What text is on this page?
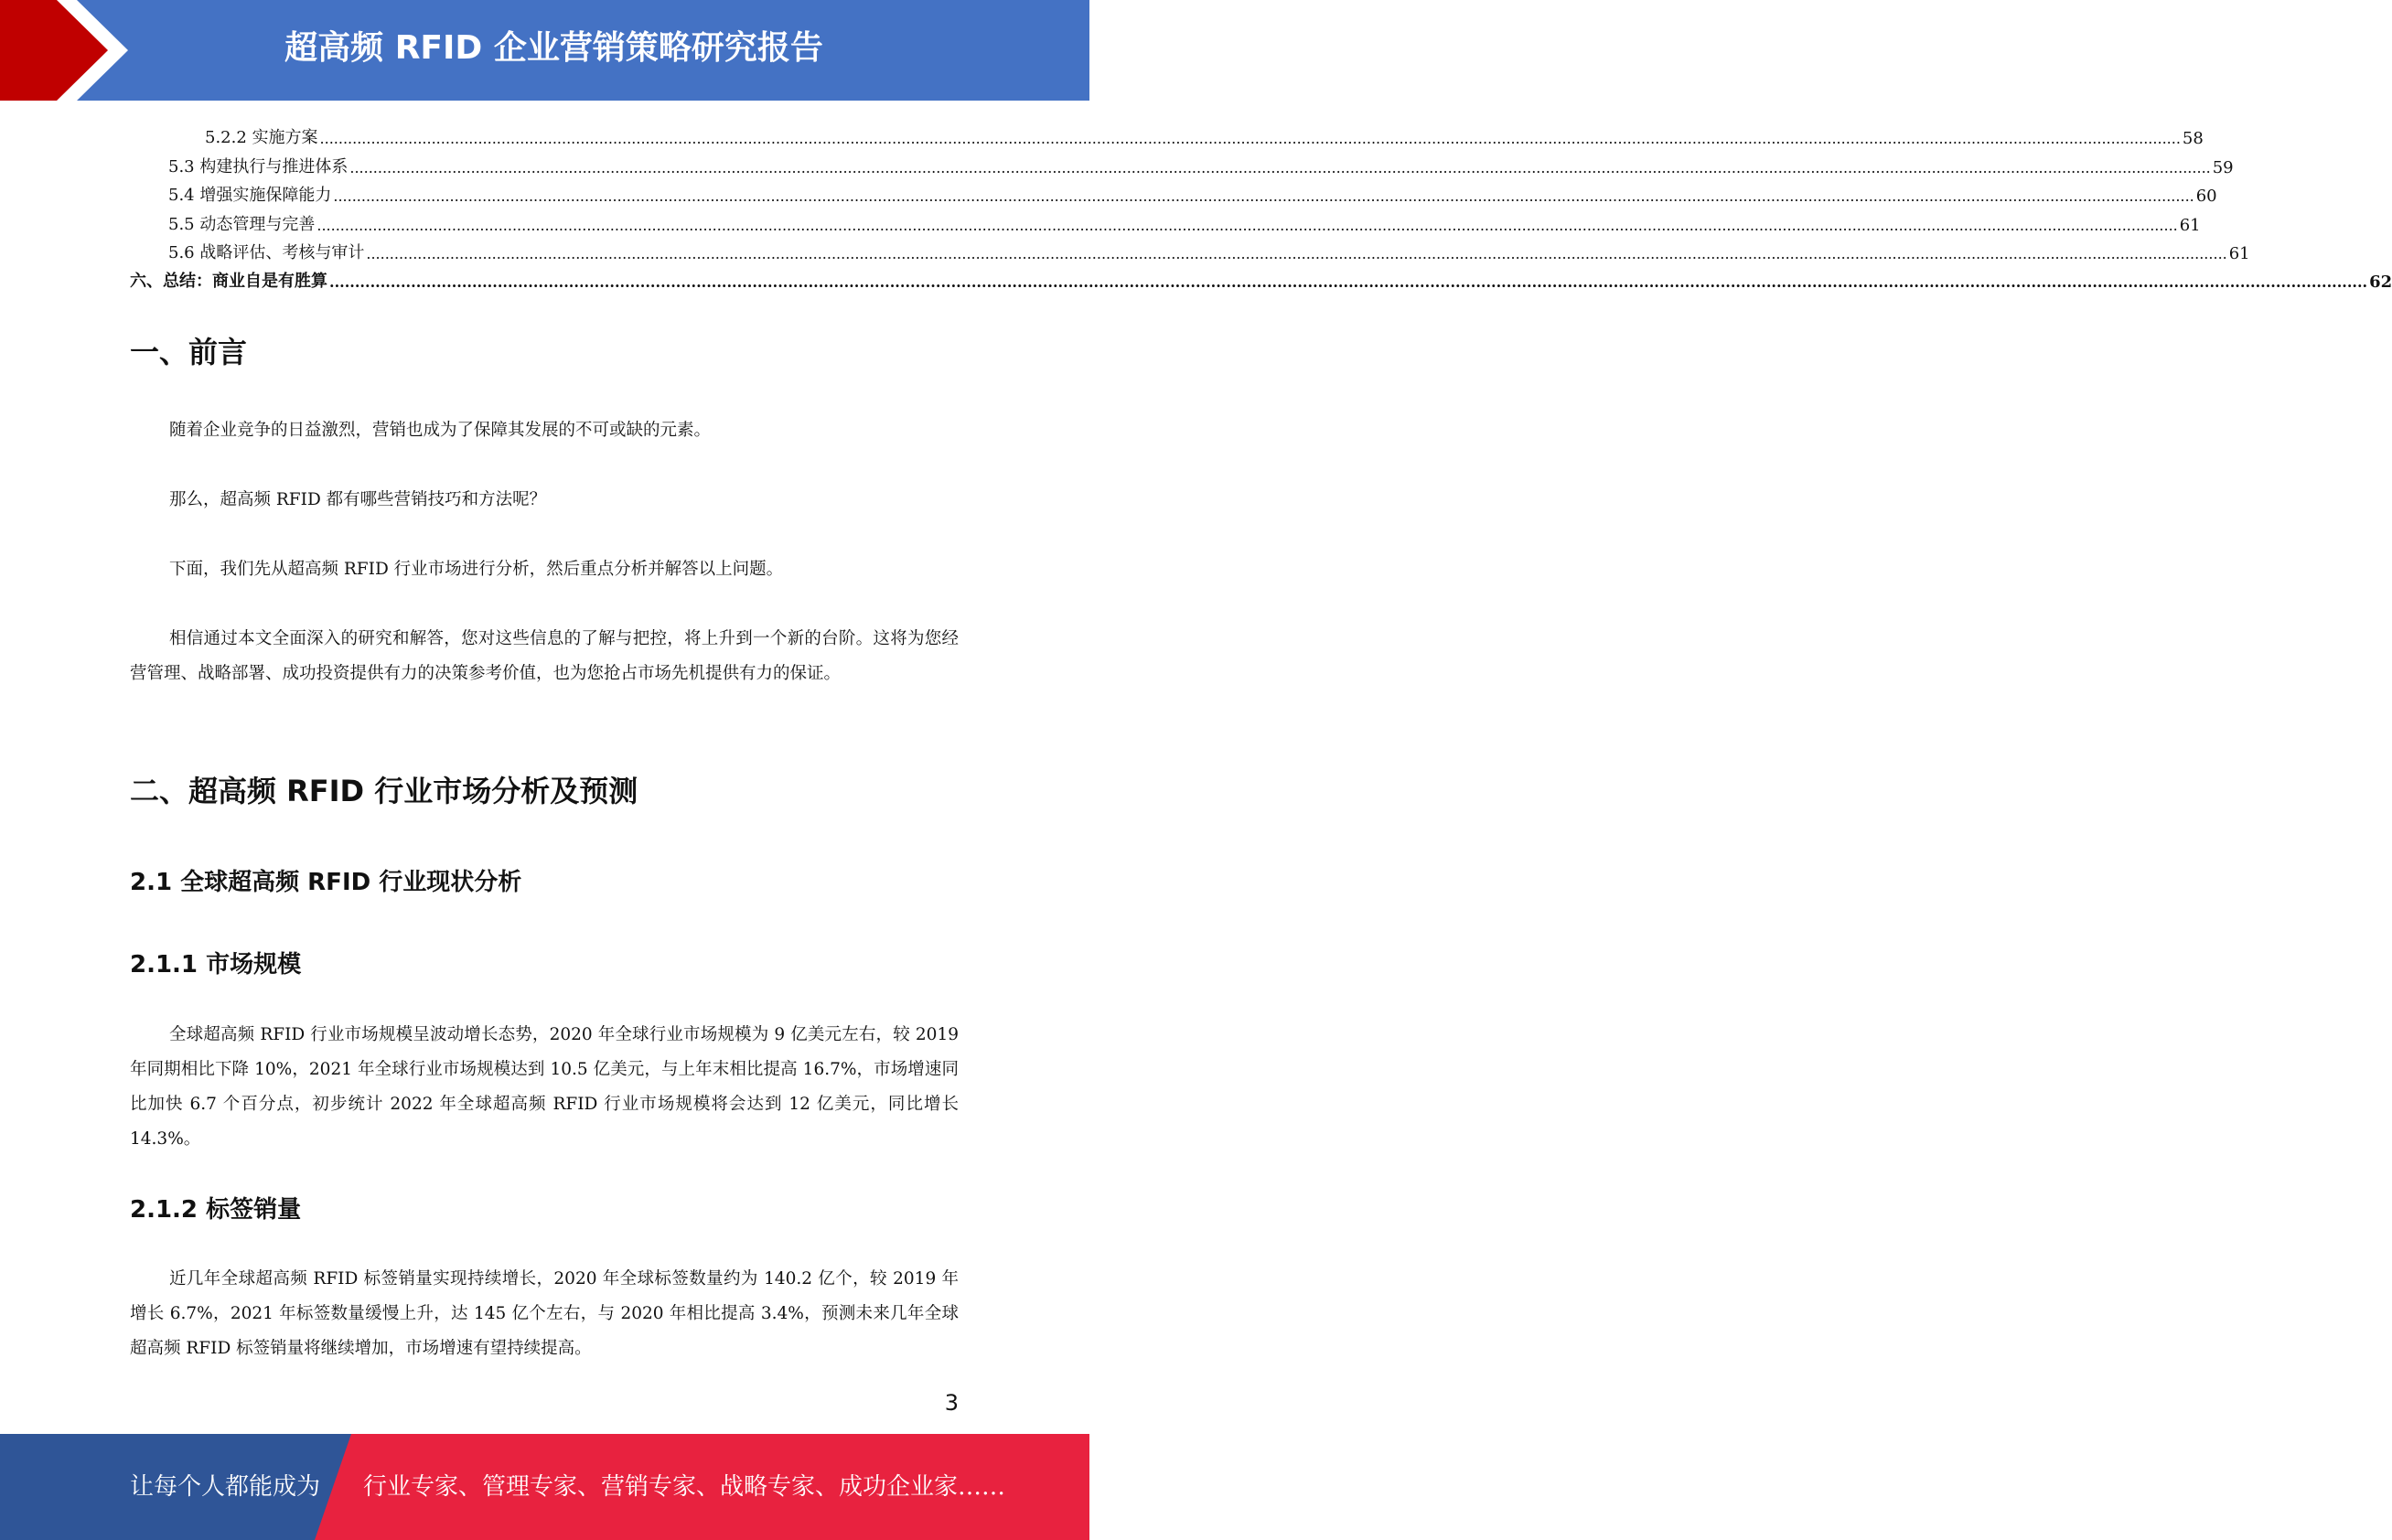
超高频 RFID 企业营销策略研究报告
5.2.2 实施方案 ................................................................................................................................................................................................................................................................................................................................................................................................................ 58
5.3 构建执行与推进体系 ................................................................................................................................................................................................................................................................................................................................................................................................................ 59
5.4 增强实施保障能力 ................................................................................................................................................................................................................................................................................................................................................................................................................ 60
5.5 动态管理与完善 ................................................................................................................................................................................................................................................................................................................................................................................................................ 61
5.6 战略评估、考核与审计 ................................................................................................................................................................................................................................................................................................................................................................................................................ 61
六、总结：商业自是有胜算 ................................................................................................................................................................................................................................................................................................................................................................................................................ 62
一、前言

随着企业竞争的日益激烈，营销也成为了保障其发展的不可或缺的元素。

那么，超高频 RFID 都有哪些营销技巧和方法呢？

下面，我们先从超高频 RFID 行业市场进行分析，然后重点分析并解答以上问题。

相信通过本文全面深入的研究和解答，您对这些信息的了解与把控，将上升到一个新的台阶。这将为您经营管理、战略部署、成功投资提供有力的决策参考价值，也为您抢占市场先机提供有力的保证。

二、超高频 RFID 行业市场分析及预测
2.1 全球超高频 RFID 行业现状分析
2.1.1 市场规模

全球超高频 RFID 行业市场规模呈波动增长态势，2020 年全球行业市场规模为 9 亿美元左右，较 2019 年同期相比下降 10%，2021 年全球行业市场规模达到 10.5 亿美元，与上年末相比提高 16.7%，市场增速同比加快 6.7 个百分点，初步统计 2022 年全球超高频 RFID 行业市场规模将会达到 12 亿美元，同比增长 14.3%。

2.1.2 标签销量

近几年全球超高频 RFID 标签销量实现持续增长，2020 年全球标签数量约为 140.2 亿个，较 2019 年增长 6.7%，2021 年标签数量缓慢上升，达 145 亿个左右，与 2020 年相比提高 3.4%，预测未来几年全球超高频 RFID 标签销量将继续增加，市场增速有望持续提高。

3
让每个人都能成为 行业专家、管理专家、营销专家、战略专家、成功企业家……
